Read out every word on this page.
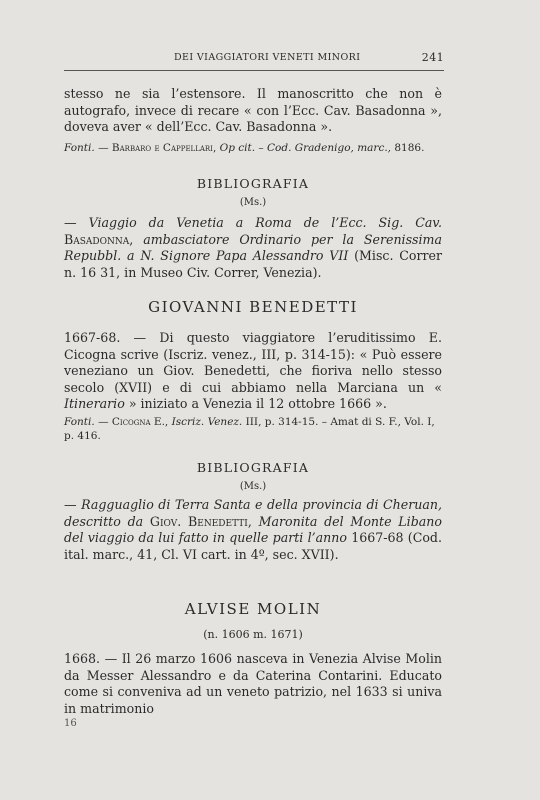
DEI VIAGGIATORI VENETI MINORI	241
stesso ne sia l’estensore. Il manoscritto che non è autografo, invece di recare « con l’Ecc. Cav. Basadonna », doveva aver « dell’Ecc. Cav. Basadonna ».
Fonti. — Barbaro e Cappellari, Op cit. – Cod. Gradenigo, marc., 8186.
BIBLIOGRAFIA
(Ms.)
— Viaggio da Venetia a Roma de l’Ecc. Sig. Cav. Basadonna, ambasciatore Ordinario per la Serenissima Repubbl. a N. Signore Papa Alessandro VII (Misc. Correr n. 16 31, in Museo Civ. Correr, Venezia).
GIOVANNI BENEDETTI
1667-68. — Di questo viaggiatore l’eruditissimo E. Cicogna scrive (Iscriz. venez., III, p. 314-15): « Può essere veneziano un Giov. Benedetti, che fioriva nello stesso secolo (XVII) e di cui abbiamo nella Marciana un « Itinerario » iniziato a Venezia il 12 ottobre 1666 ».
Fonti. — Cicogna E., Iscriz. Venez. III, p. 314-15. – Amat di S. F., Vol. I, p. 416.
BIBLIOGRAFIA
(Ms.)
— Ragguaglio di Terra Santa e della provincia di Cheruan, descritto da Giov. Benedetti, Maronita del Monte Libano del viaggio da lui fatto in quelle parti l’anno 1667-68 (Cod. ital. marc., 41, Cl. VI cart. in 4º, sec. XVII).
ALVISE MOLIN
(n. 1606 m. 1671)
1668. — Il 26 marzo 1606 nasceva in Venezia Alvise Molin da Messer Alessandro e da Caterina Contarini. Educato come si conveniva ad un veneto patrizio, nel 1633 si univa in matrimonio
16
